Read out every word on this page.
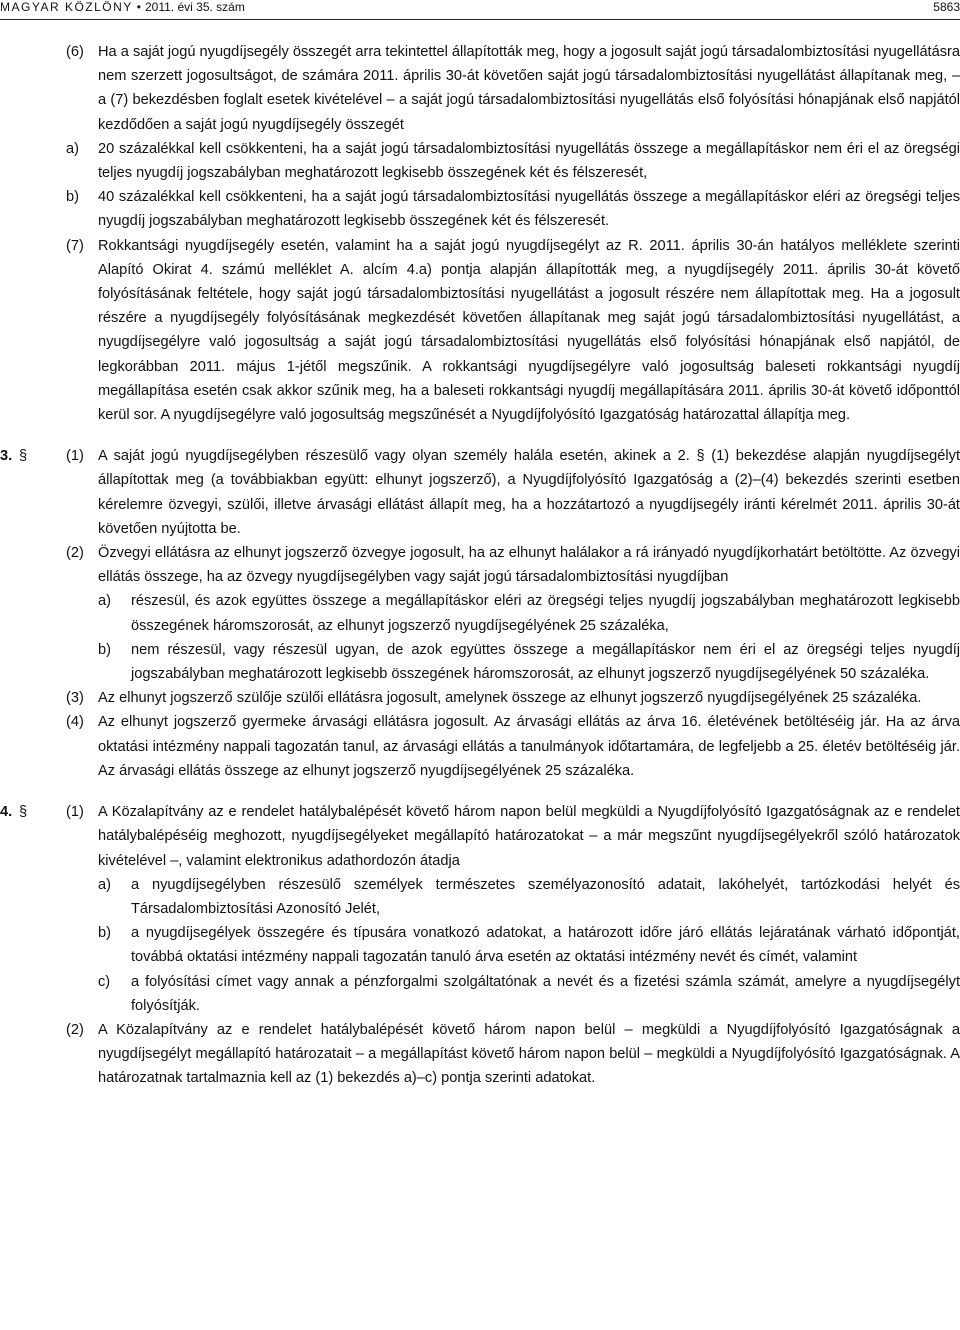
MAGYAR KÖZLÖNY • 2011. évi 35. szám	5863
(6) Ha a saját jogú nyugdíjsegély összegét arra tekintettel állapították meg, hogy a jogosult saját jogú társadalombiztosítási nyugellátásra nem szerzett jogosultságot, de számára 2011. április 30-át követően saját jogú társadalombiztosítási nyugellátást állapítanak meg, – a (7) bekezdésben foglalt esetek kivételével – a saját jogú társadalombiztosítási nyugellátás első folyósítási hónapjának első napjától kezdődően a saját jogú nyugdíjsegély összegét
a) 20 százalékkal kell csökkenteni, ha a saját jogú társadalombiztosítási nyugellátás összege a megállapításkor nem éri el az öregségi teljes nyugdíj jogszabályban meghatározott legkisebb összegének két és félszeresét,
b) 40 százalékkal kell csökkenteni, ha a saját jogú társadalombiztosítási nyugellátás összege a megállapításkor eléri az öregségi teljes nyugdíj jogszabályban meghatározott legkisebb összegének két és félszeresét.
(7) Rokkantsági nyugdíjsegély esetén, valamint ha a saját jogú nyugdíjsegélyt az R. 2011. április 30-án hatályos melléklete szerinti Alapító Okirat 4. számú melléklet A. alcím 4.a) pontja alapján állapították meg, a nyugdíjsegély 2011. április 30-át követő folyósításának feltétele, hogy saját jogú társadalombiztosítási nyugellátást a jogosult részére nem állapítottak meg. Ha a jogosult részére a nyugdíjsegély folyósításának megkezdését követően állapítanak meg saját jogú társadalombiztosítási nyugellátást, a nyugdíjsegélyre való jogosultság a saját jogú társadalombiztosítási nyugellátás első folyósítási hónapjának első napjától, de legkorábban 2011. május 1-jétől megszűnik. A rokkantsági nyugdíjsegélyre való jogosultság baleseti rokkantsági nyugdíj megállapítása esetén csak akkor szűnik meg, ha a baleseti rokkantsági nyugdíj megállapítására 2011. április 30-át követő időponttól kerül sor. A nyugdíjsegélyre való jogosultság megszűnését a Nyugdíjfolyósító Igazgatóság határozattal állapítja meg.
3. §	(1) A saját jogú nyugdíjsegélyben részesülő vagy olyan személy halála esetén, akinek a 2. § (1) bekezdése alapján nyugdíjsegélyt állapítottak meg (a továbbiakban együtt: elhunyt jogszerző), a Nyugdíjfolyósító Igazgatóság a (2)–(4) bekezdés szerinti esetben kérelemre özvegyi, szülői, illetve árvasági ellátást állapít meg, ha a hozzátartozó a nyugdíjsegély iránti kérelmét 2011. április 30-át követően nyújtotta be.
(2) Özvegyi ellátásra az elhunyt jogszerző özvegye jogosult, ha az elhunyt halálakor a rá irányadó nyugdíjkorhatárt betöltötte. Az özvegyi ellátás összege, ha az özvegy nyugdíjsegélyben vagy saját jogú társadalombiztosítási nyugdíjban
a) részesül, és azok együttes összege a megállapításkor eléri az öregségi teljes nyugdíj jogszabályban meghatározott legkisebb összegének háromszorosát, az elhunyt jogszerző nyugdíjsegélyének 25 százaléka,
b) nem részesül, vagy részesül ugyan, de azok együttes összege a megállapításkor nem éri el az öregségi teljes nyugdíj jogszabályban meghatározott legkisebb összegének háromszorosát, az elhunyt jogszerző nyugdíjsegélyének 50 százaléka.
(3) Az elhunyt jogszerző szülője szülői ellátásra jogosult, amelynek összege az elhunyt jogszerző nyugdíjsegélyének 25 százaléka.
(4) Az elhunyt jogszerző gyermeke árvasági ellátásra jogosult. Az árvasági ellátás az árva 16. életévének betöltéséig jár. Ha az árva oktatási intézmény nappali tagozatán tanul, az árvasági ellátás a tanulmányok időtartamára, de legfeljebb a 25. életév betöltéséig jár. Az árvasági ellátás összege az elhunyt jogszerző nyugdíjsegélyének 25 százaléka.
4. §	(1) A Közalapítvány az e rendelet hatálybalépését követő három napon belül megküldi a Nyugdíjfolyósító Igazgatóságnak az e rendelet hatálybalépéséig meghozott, nyugdíjsegélyeket megállapító határozatokat – a már megszűnt nyugdíjsegélyekről szóló határozatok kivételével –, valamint elektronikus adathordozón átadja
a) a nyugdíjsegélyben részesülő személyek természetes személyazonosító adatait, lakóhelyét, tartózkodási helyét és Társadalombiztosítási Azonosító Jelét,
b) a nyugdíjsegélyek összegére és típusára vonatkozó adatokat, a határozott időre járó ellátás lejáratának várható időpontját, továbbá oktatási intézmény nappali tagozatán tanuló árva esetén az oktatási intézmény nevét és címét, valamint
c) a folyósítási címet vagy annak a pénzforgalmi szolgáltatónak a nevét és a fizetési számla számát, amelyre a nyugdíjsegélyt folyósítják.
(2) A Közalapítvány az e rendelet hatálybalépését követő három napon belül – megküldi a Nyugdíjfolyósító Igazgatóságnak a nyugdíjsegélyt megállapító határozatait – a megállapítást követő három napon belül – megküldi a Nyugdíjfolyósító Igazgatóságnak. A határozatnak tartalmaznia kell az (1) bekezdés a)–c) pontja szerinti adatokat.
